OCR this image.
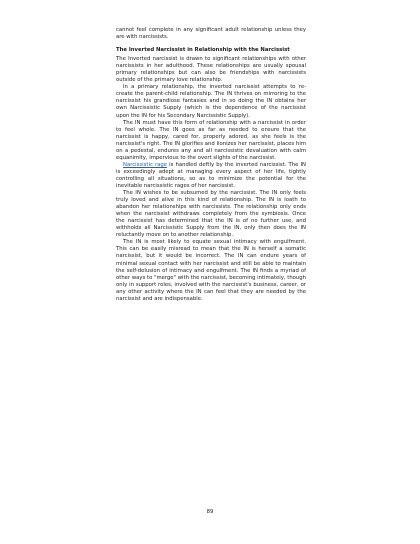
cannot feel complete in any significant adult relationship unless they are with narcissists.

The Inverted Narcissist in Relationship with the Narcissist

The Inverted narcissist is drawn to significant relationships with other narcissists in her adulthood. These relationships are usually spousal primary relationships but can also be friendships with narcissists outside of the primary love relationship.

In a primary relationship, the inverted narcissist attempts to re-create the parent-child relationship. The IN thrives on mirroring to the narcissist his grandiose fantasies and in so doing the IN obtains her own Narcissistic Supply (which is the dependence of the narcissist upon the IN for his Secondary Narcissistic Supply).

The IN must have this form of relationship with a narcissist in order to feel whole. The IN goes as far as needed to ensure that the narcissist is happy, cared for, properly adored, as she feels is the narcissist's right. The IN glorifies and lionizes her narcissist, places him on a pedestal, endures any and all narcissistic devaluation with calm equanimity, impervious to the overt slights of the narcissist.

Narcissistic rage is handled deftly by the inverted narcissist. The IN is exceedingly adept at managing every aspect of her life, tightly controlling all situations, so as to minimize the potential for the inevitable narcissistic rages of her narcissist.

The IN wishes to be subsumed by the narcissist. The IN only feels truly loved and alive in this kind of relationship. The IN is loath to abandon her relationships with narcissists. The relationship only ends when the narcissist withdraws completely from the symbiosis. Once the narcissist has determined that the IN is of no further use, and withholds all Narcissistic Supply from the IN, only then does the IN reluctantly move on to another relationship.

The IN is most likely to equate sexual intimacy with engulfment. This can be easily misread to mean that the IN is herself a somatic narcissist, but it would be incorrect. The IN can endure years of minimal sexual contact with her narcissist and still be able to maintain the self-delusion of intimacy and engulfment. The IN finds a myriad of other ways to "merge" with the narcissist, becoming intimately, though only in support roles, involved with the narcissist's business, career, or any other activity where the IN can feel that they are needed by the narcissist and are indispensable.

89
